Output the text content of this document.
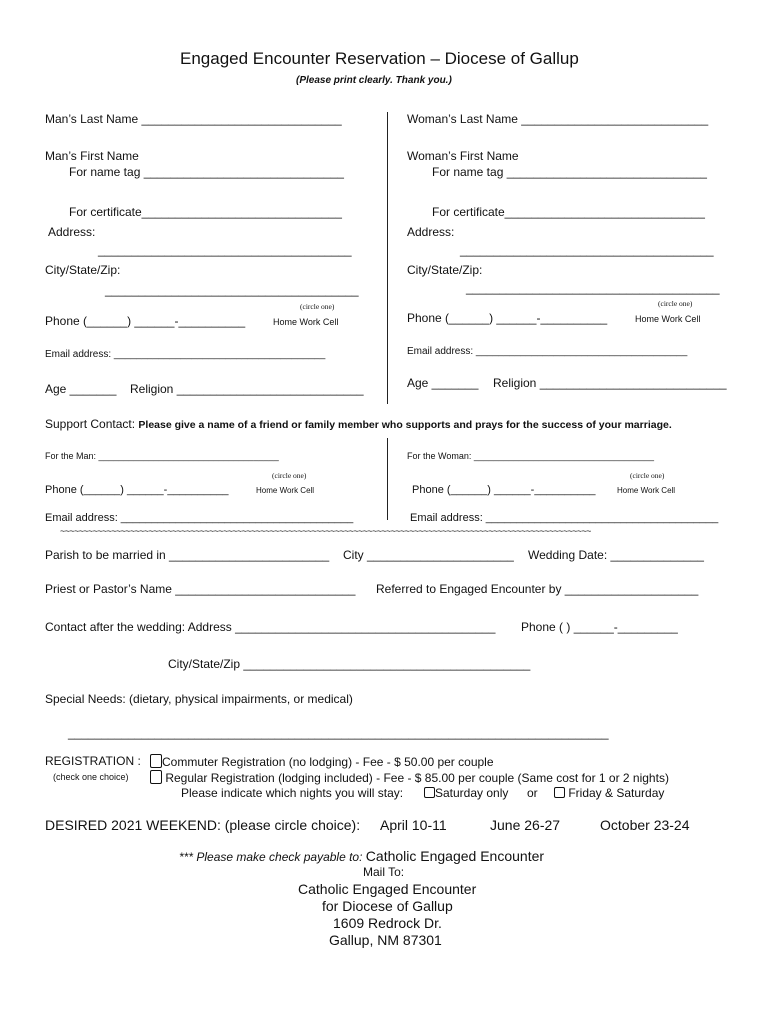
Engaged Encounter Reservation – Diocese of Gallup
(Please print clearly. Thank you.)
Man’s Last Name ______________________________
Man’s First Name
For name tag ______________________________
For certificate______________________________
Address:
______________________________________
City/State/Zip:
______________________________________
(circle one)
Phone (______) ______-__________	Home Work Cell
Email address: ______________________________________
Age _______ Religion ____________________________
Woman’s Last Name ____________________________
Woman’s First Name
For name tag ______________________________
For certificate______________________________
Address:
______________________________________
City/State/Zip:
______________________________________
(circle one)
Phone (______) ______-__________	Home Work Cell
Email address: ______________________________________
Age _______ Religion ____________________________
Support Contact: Please give a name of a friend or family member who supports and prays for the success of your marriage.
For the Man: ____________________________________	For the Woman: ____________________________________
(circle one)	(circle one)
Phone (______) ______-__________	Home Work Cell	Phone (______) ______-__________	Home Work Cell
Email address: ______________________________________	Email address: ______________________________________
~~~~~~~~~~~~~~~~~~~~~~~~~~~~~~~~~~~~~~~~~~~~~~~~~~~~~~~~~~~~~~~~~~~~~~~~~~~~~~~~~~~~~~~~~~~~~~~~~~~~~~~~~~~~~~~~~~
Parish to be married in ________________________ City ______________________ Wedding Date: ______________
Priest or Pastor’s Name ___________________________ Referred to Engaged Encounter by ____________________
Contact after the wedding: Address _______________________________________ Phone ( ) ______-_________
City/State/Zip ___________________________________________
Special Needs: (dietary, physical impairments, or medical)
_________________________________________________________________________________
REGISTRATION :	Commuter Registration (no lodging) - Fee - $ 50.00 per couple
(check one choice)	Regular Registration (lodging included) - Fee - $ 85.00 per couple (Same cost for 1 or 2 nights)
Please indicate which nights you will stay:	Saturday only or	Friday & Saturday
DESIRED 2021 WEEKEND: (please circle choice): April 10-11	June 26-27	October 23-24
*** Please make check payable to: Catholic Engaged Encounter
Mail To:
Catholic Engaged Encounter
for Diocese of Gallup
1609 Redrock Dr.
Gallup, NM 87301
